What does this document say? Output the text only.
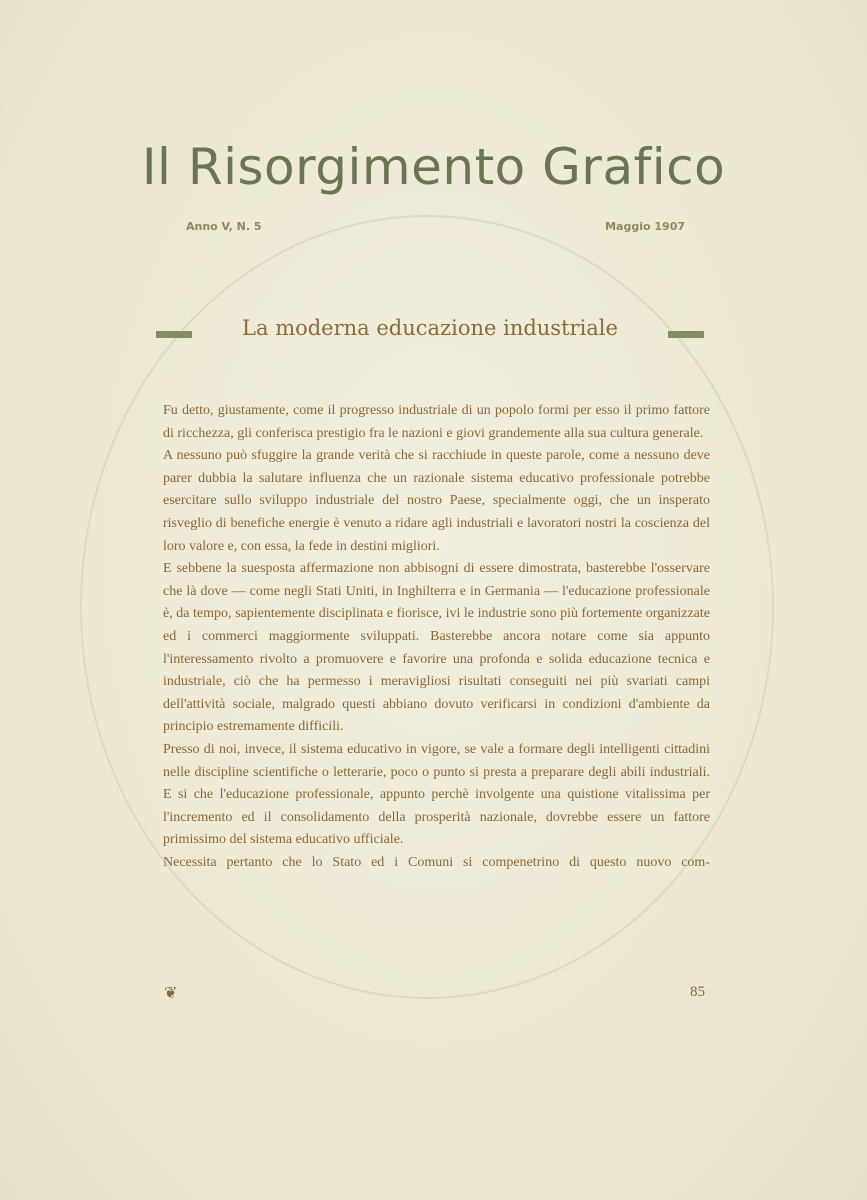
Il Risorgimento Grafico
Anno V, N. 5	Maggio 1907
La moderna educazione industriale

Fu detto, giustamente, come il progresso industriale di un popolo formi per esso il primo fattore di ricchezza, gli conferisca prestigio fra le nazioni e giovi grandemente alla sua cultura generale.

A nessuno può sfuggire la grande verità che si racchiude in queste parole, come a nessuno deve parer dubbia la salutare influenza che un razionale sistema educativo professionale potrebbe esercitare sullo sviluppo industriale del nostro Paese, specialmente oggi, che un insperato risveglio di benefiche energie è venuto a ridare agli industriali e lavoratori nostri la coscienza del loro valore e, con essa, la fede in destini migliori.

E sebbene la suesposta affermazione non abbisogni di essere dimostrata, basterebbe l'osservare che là dove — come negli Stati Uniti, in Inghilterra e in Germania — l'educazione professionale è, da tempo, sapientemente disciplinata e fiorisce, ivi le industrie sono più fortemente organizzate ed i commerci maggiormente sviluppati. Basterebbe ancora notare come sia appunto l'interessamento rivolto a promuovere e favorire una profonda e solida educazione tecnica e industriale, ciò che ha permesso i meravigliosi risultati conseguiti nei più svariati campi dell'attività sociale, malgrado questi abbiano dovuto verificarsi in condizioni d'ambiente da principio estremamente difficili.

Presso di noi, invece, il sistema educativo in vigore, se vale a formare degli intelligenti cittadini nelle discipline scientifiche o letterarie, poco o punto si presta a preparare degli abili industriali. E si che l'educazione professionale, appunto perchè involgente una quistione vitalissima per l'incremento ed il consolidamento della prosperità nazionale, dovrebbe essere un fattore primissimo del sistema educativo ufficiale.

Necessita pertanto che lo Stato ed i Comuni si compenetrino di questo nuovo com-

❦	85
